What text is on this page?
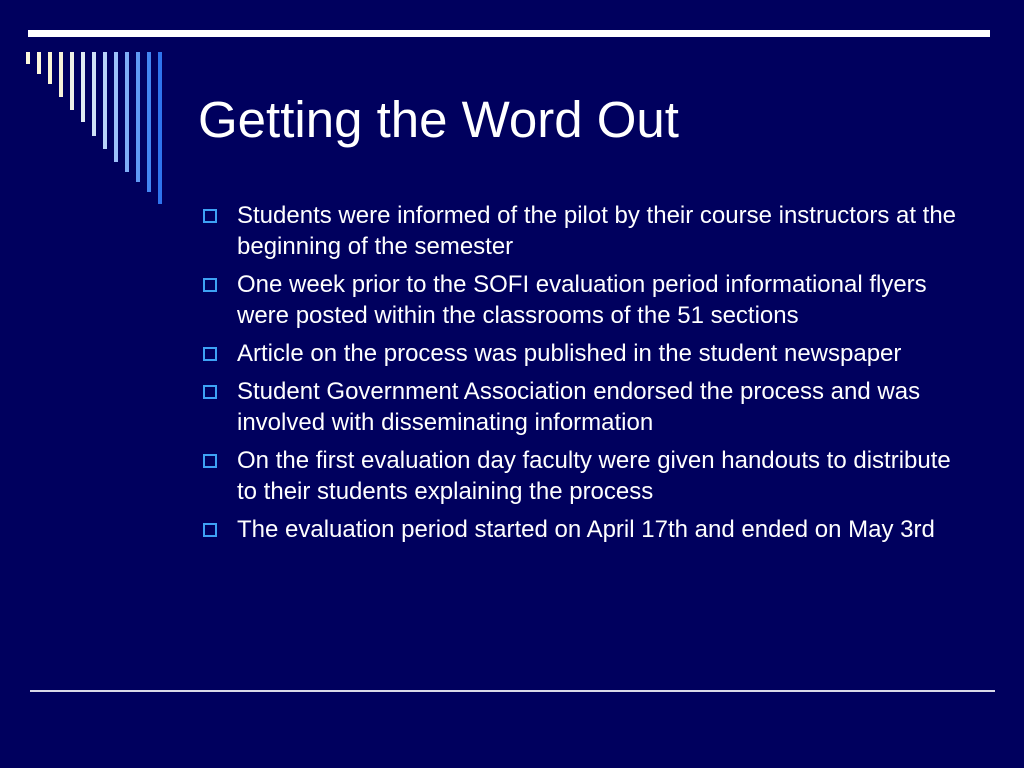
Getting the Word Out
Students were informed of the pilot by their course instructors at the beginning of the semester
One week prior to the SOFI evaluation period informational flyers were posted within the classrooms of the 51 sections
Article on the process was published in the student newspaper
Student Government Association endorsed the process and was involved with disseminating information
On the first evaluation day faculty were given handouts to distribute to their students explaining the process
The evaluation period started on April 17th and ended on May 3rd
